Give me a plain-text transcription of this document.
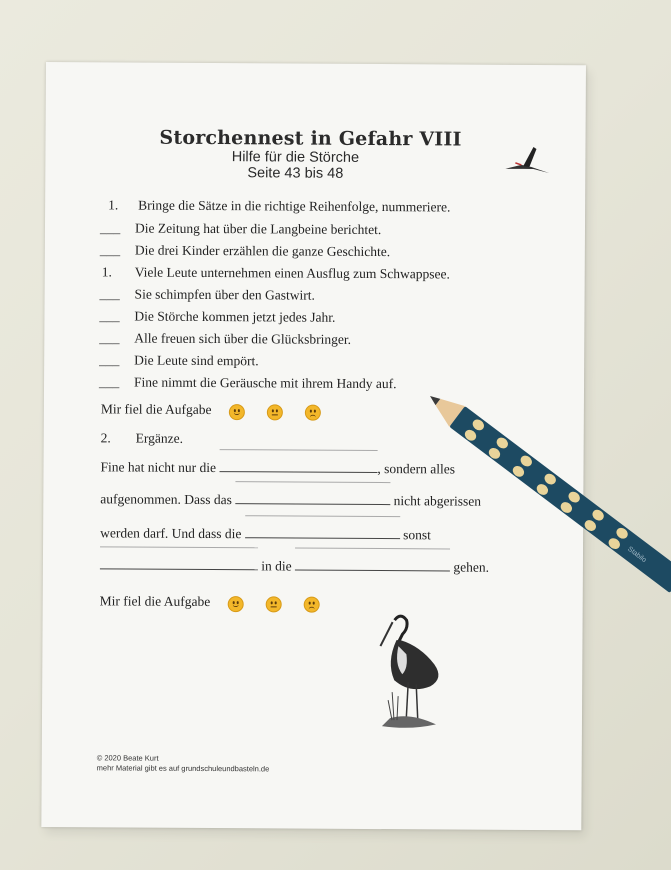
Storchennest in Gefahr VIII
Hilfe für die Störche
Seite 43 bis 48
1. Bringe die Sätze in die richtige Reihenfolge, nummeriere.
___ Die Zeitung hat über die Langbeine berichtet.
___ Die drei Kinder erzählen die ganze Geschichte.
1. Viele Leute unternehmen einen Ausflug zum Schwappsee.
___ Sie schimpfen über den Gastwirt.
___ Die Störche kommen jetzt jedes Jahr.
___ Alle freuen sich über die Glücksbringer.
___ Die Leute sind empört.
___ Fine nimmt die Geräusche mit ihrem Handy auf.
Mir fiel die Aufgabe
2. Ergänze.
Fine hat nicht nur die	, sondern alles
aufgenommen. Dass das	nicht abgerissen
werden darf. Und dass die	sonst
in die	gehen.
Mir fiel die Aufgabe
© 2020 Beate Kurt
mehr Material gibt es auf grundschuleundbasteln.de
Stabilo
